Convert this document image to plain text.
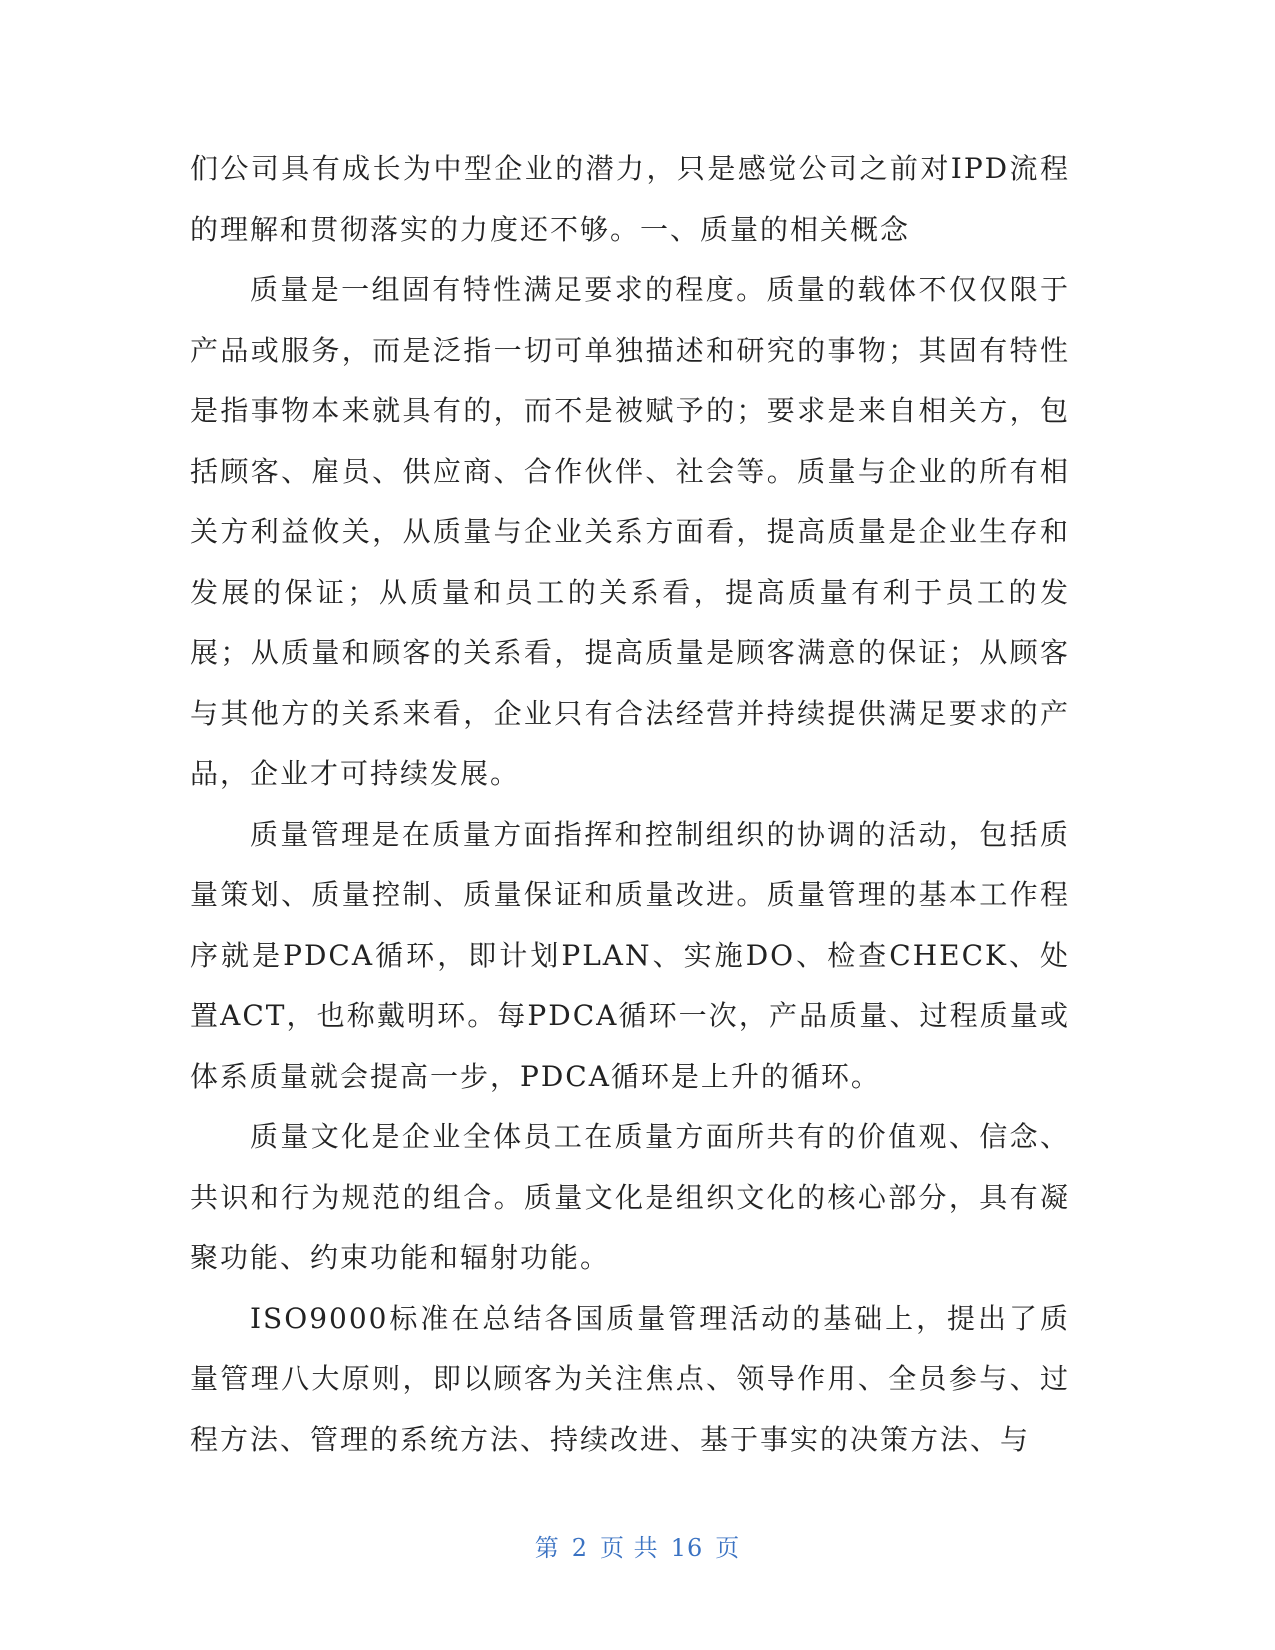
们公司具有成长为中型企业的潜力，只是感觉公司之前对IPD流程的理解和贯彻落实的力度还不够。一、质量的相关概念

质量是一组固有特性满足要求的程度。质量的载体不仅仅限于产品或服务，而是泛指一切可单独描述和研究的事物；其固有特性是指事物本来就具有的，而不是被赋予的；要求是来自相关方，包括顾客、雇员、供应商、合作伙伴、社会等。质量与企业的所有相关方利益攸关，从质量与企业关系方面看，提高质量是企业生存和发展的保证；从质量和员工的关系看，提高质量有利于员工的发展；从质量和顾客的关系看，提高质量是顾客满意的保证；从顾客与其他方的关系来看，企业只有合法经营并持续提供满足要求的产品，企业才可持续发展。

质量管理是在质量方面指挥和控制组织的协调的活动，包括质量策划、质量控制、质量保证和质量改进。质量管理的基本工作程序就是PDCA循环，即计划PLAN、实施DO、检查CHECK、处置ACT，也称戴明环。每PDCA循环一次，产品质量、过程质量或体系质量就会提高一步，PDCA循环是上升的循环。

质量文化是企业全体员工在质量方面所共有的价值观、信念、共识和行为规范的组合。质量文化是组织文化的核心部分，具有凝聚功能、约束功能和辐射功能。

ISO9000标准在总结各国质量管理活动的基础上，提出了质量管理八大原则，即以顾客为关注焦点、领导作用、全员参与、过程方法、管理的系统方法、持续改进、基于事实的决策方法、与

第 2 页 共 16 页
